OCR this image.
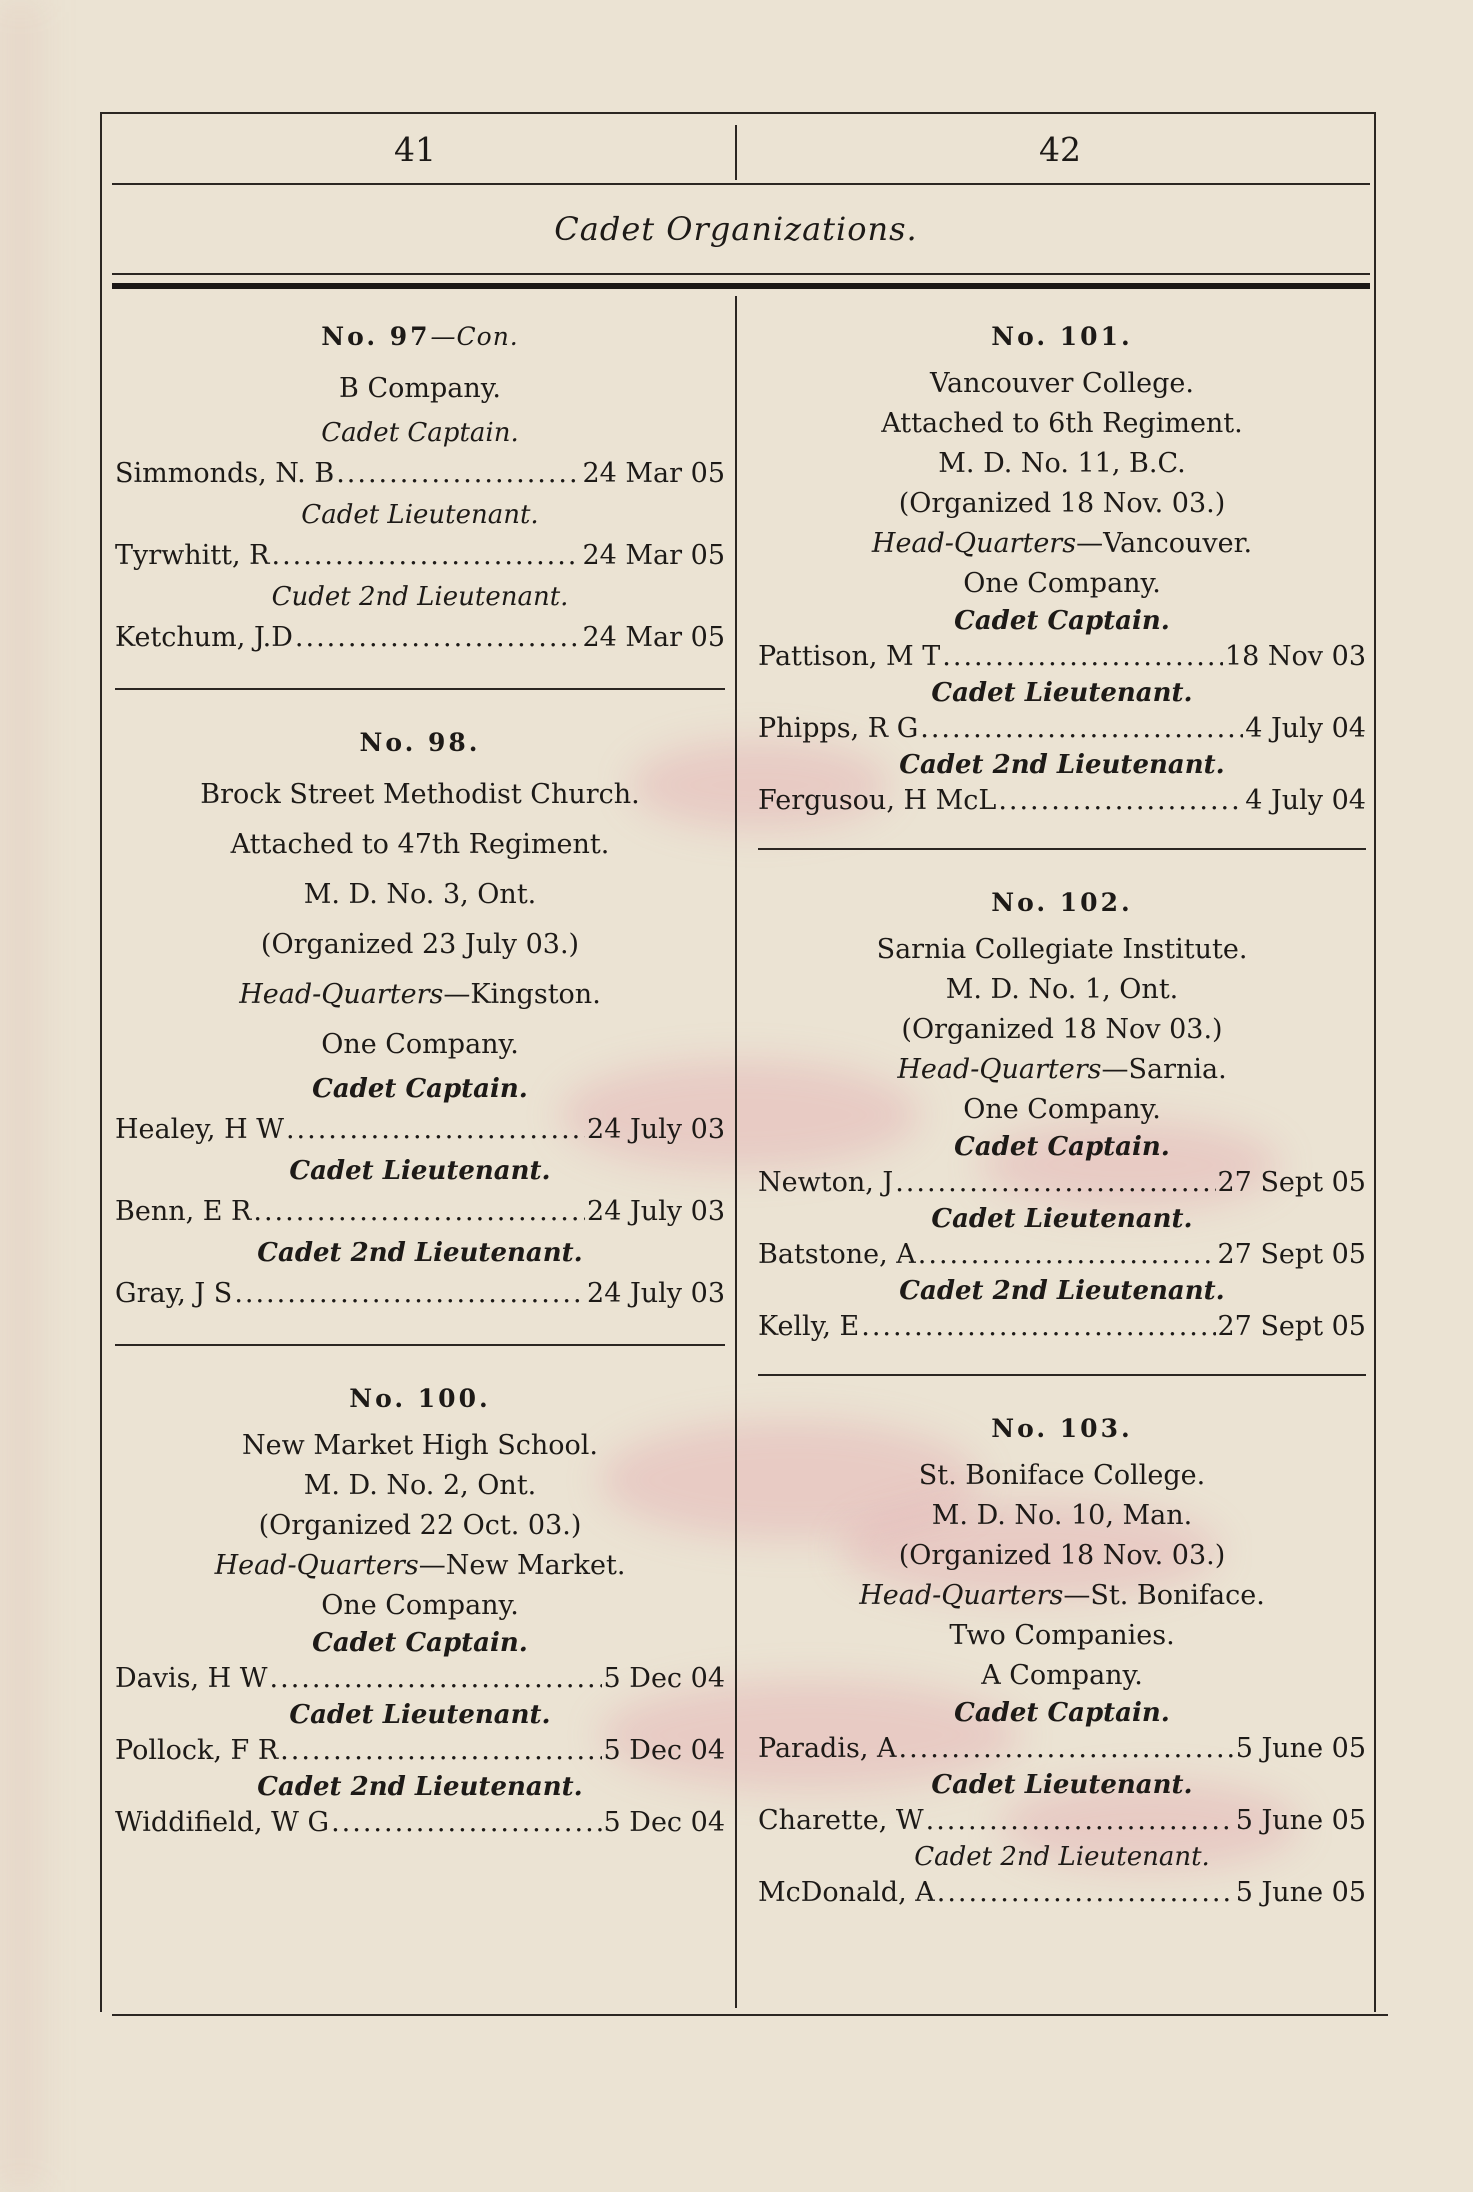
41	42
Cadet Organizations.
No. 97—Con.
B Company.
Cadet Captain.
Simmonds, N. B .....	24 Mar 05
Cadet Lieutenant.
Tyrwhitt, R .....	24 Mar 05
Cudet 2nd Lieutenant.
Ketchum, J.D .....	24 Mar 05
No. 98.
Brock Street Methodist Church.
Attached to 47th Regiment.
M. D. No. 3, Ont.
(Organized 23 July 03.)
Head-Quarters—Kingston.
One Company.
Cadet Captain.
Healey, H W .....	24 July 03
Cadet Lieutenant.
Benn, E R .....	24 July 03
Cadet 2nd Lieutenant.
Gray, J S .....	24 July 03
No. 100.
New Market High School.
M. D. No. 2, Ont.
(Organized 22 Oct. 03.)
Head-Quarters—New Market.
One Company.
Cadet Captain.
Davis, H W .....	5 Dec 04
Cadet Lieutenant.
Pollock, F R .....	5 Dec 04
Cadet 2nd Lieutenant.
Widdifield, W G .....	5 Dec 04
No. 101.
Vancouver College.
Attached to 6th Regiment.
M. D. No. 11, B.C.
(Organized 18 Nov. 03.)
Head-Quarters—Vancouver.
One Company.
Cadet Captain.
Pattison, M T .....	18 Nov 03
Cadet Lieutenant.
Phipps, R G .....	4 July 04
Cadet 2nd Lieutenant.
Fergusou, H McL .....	4 July 04
No. 102.
Sarnia Collegiate Institute.
M. D. No. 1, Ont.
(Organized 18 Nov 03.)
Head-Quarters—Sarnia.
One Company.
Cadet Captain.
Newton, J .....	27 Sept 05
Cadet Lieutenant.
Batstone, A .....	27 Sept 05
Cadet 2nd Lieutenant.
Kelly, E .....	27 Sept 05
No. 103.
St. Boniface College.
M. D. No. 10, Man.
(Organized 18 Nov. 03.)
Head-Quarters—St. Boniface.
Two Companies.
A Company.
Cadet Captain.
Paradis, A .....	5 June 05
Cadet Lieutenant.
Charette, W .....	5 June 05
Cadet 2nd Lieutenant.
McDonald, A .....	5 June 05
